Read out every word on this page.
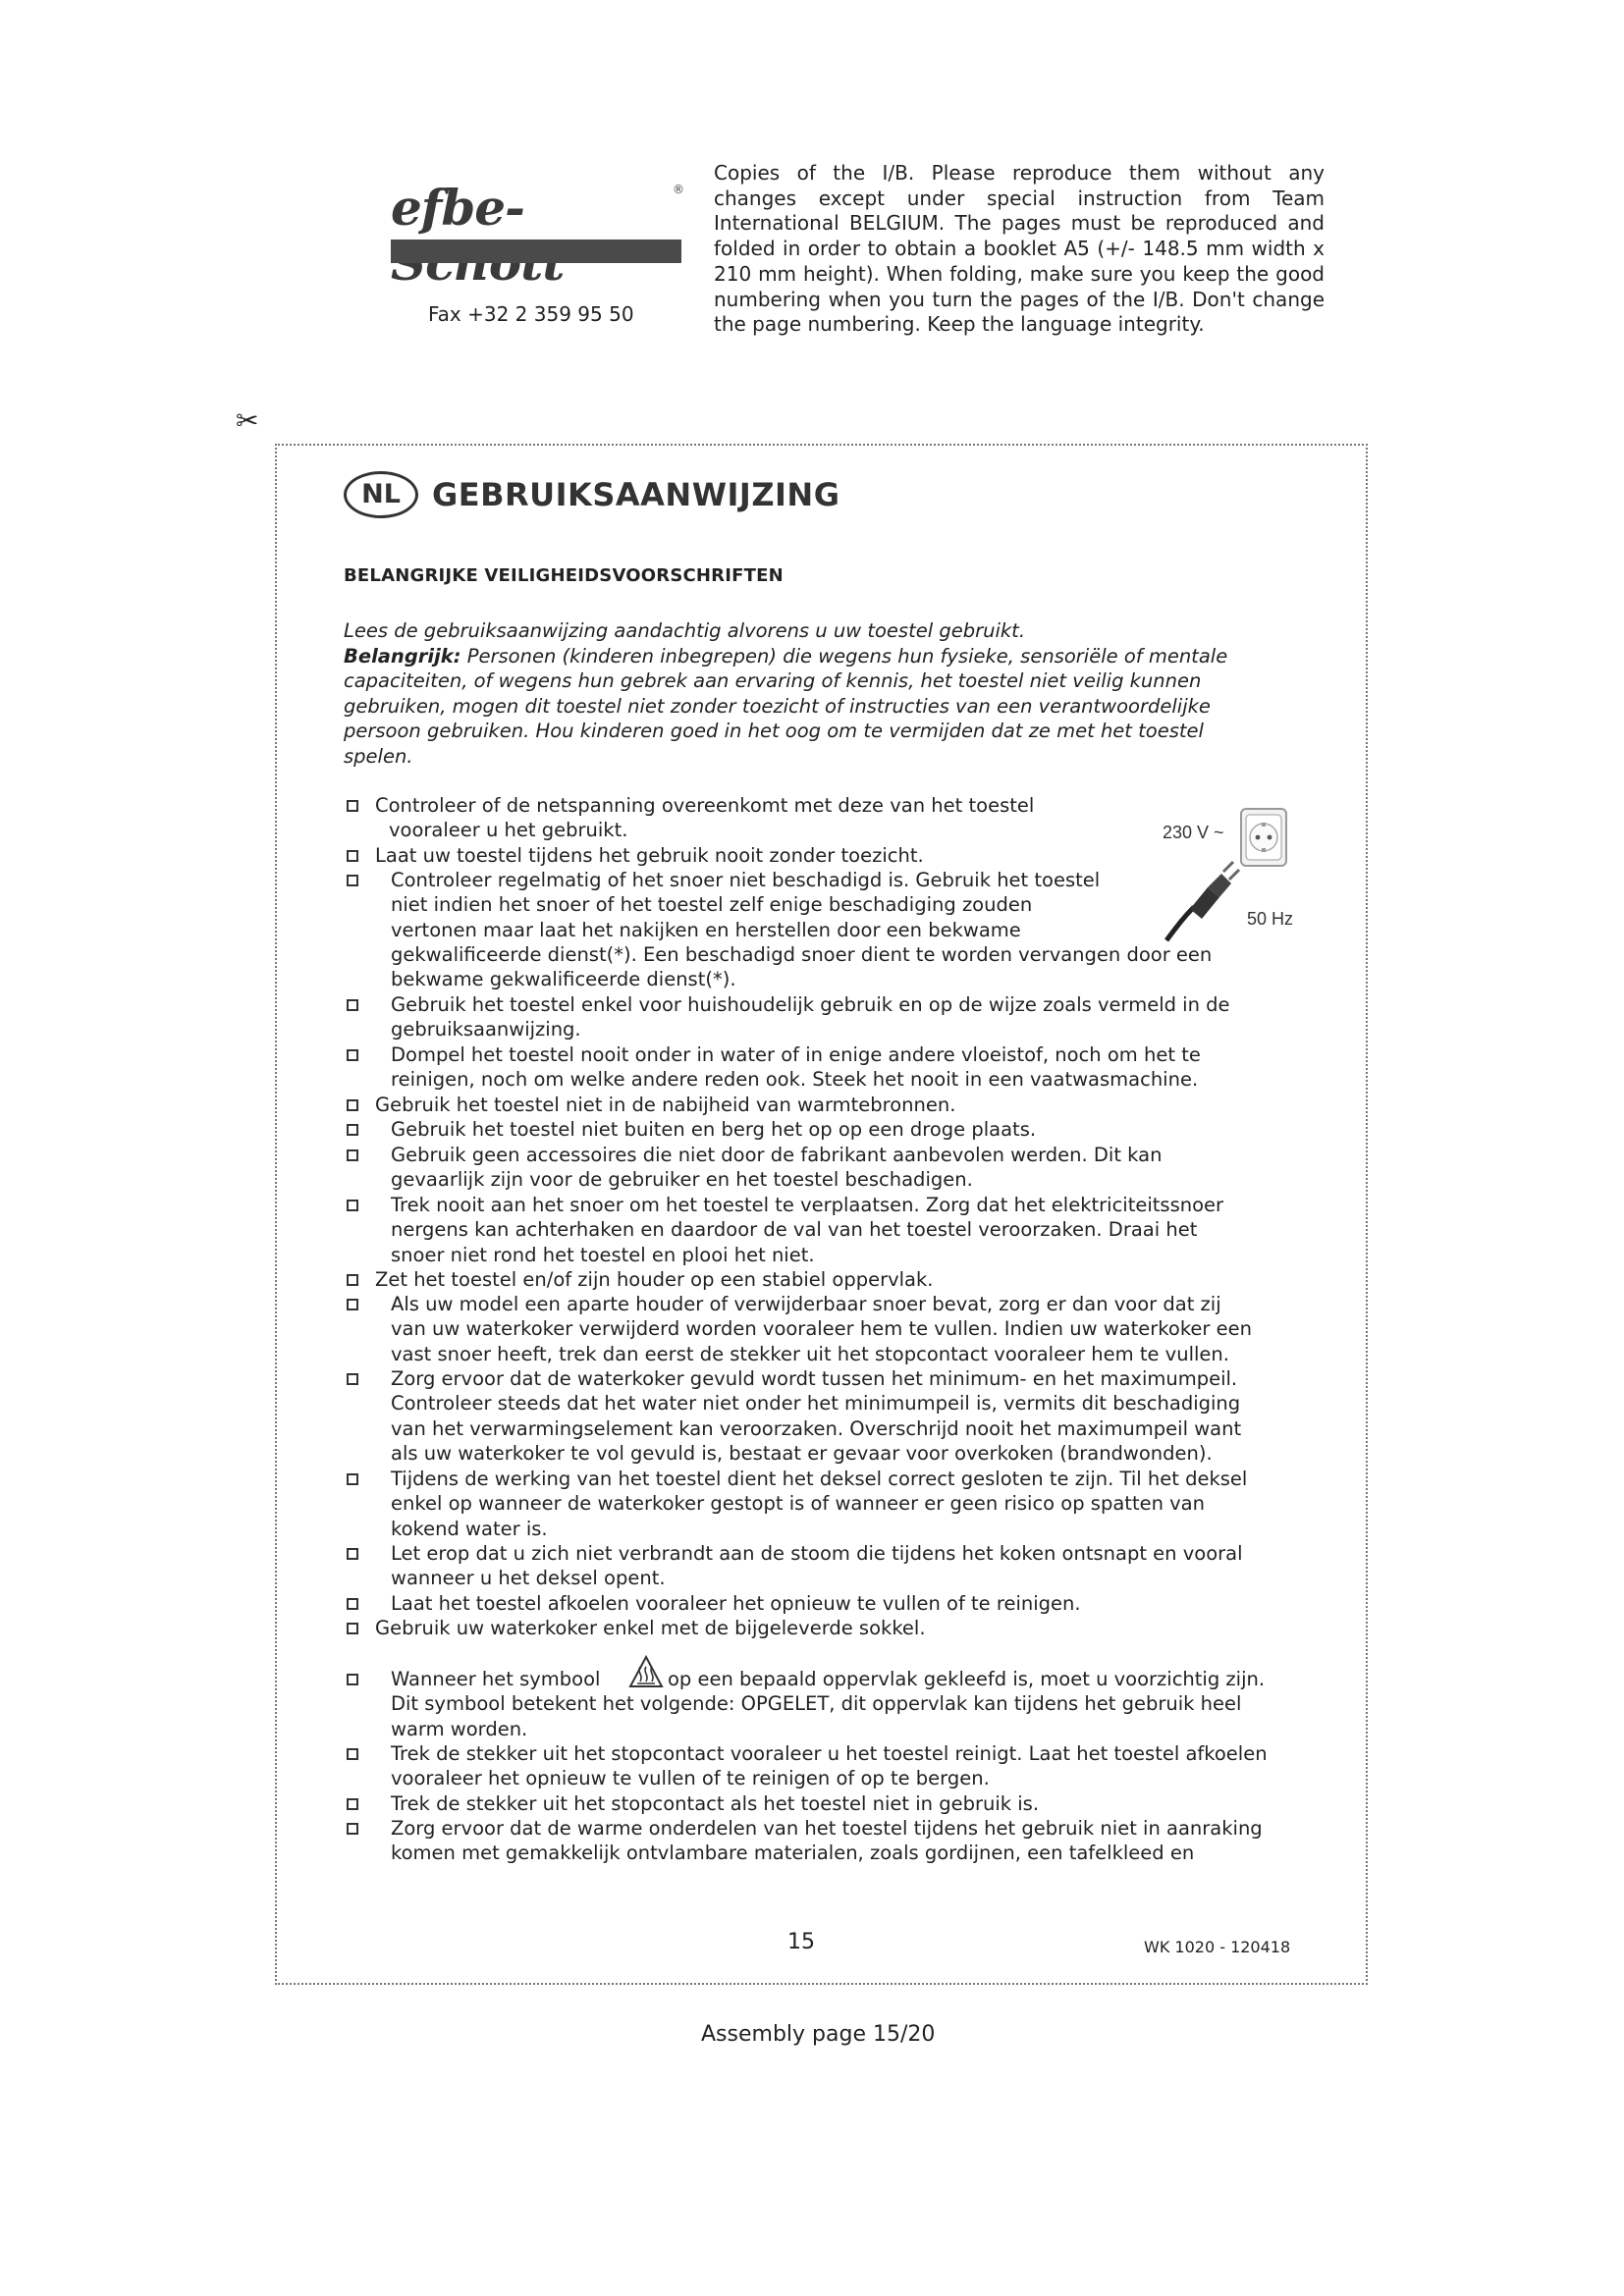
efbe-	®
Fax +32 2 359 95 50
Copies of the I/B. Please reproduce them without any changes except under special instruction from Team International BELGIUM. The pages must be reproduced and folded in order to obtain a booklet A5 (+/- 148.5 mm width x 210 mm height). When folding, make sure you keep the good numbering when you turn the pages of the I/B. Don't change the page numbering. Keep the language integrity.
✂
NL	GEBRUIKSAANWIJZING
BELANGRIJKE VEILIGHEIDSVOORSCHRIFTEN

Lees de gebruiksaanwijzing aandachtig alvorens u uw toestel gebruikt.

Belangrijk: Personen (kinderen inbegrepen) die wegens hun fysieke, sensoriële of mentale capaciteiten, of wegens hun gebrek aan ervaring of kennis, het toestel niet veilig kunnen gebruiken, mogen dit toestel niet zonder toezicht of instructies van een verantwoordelijke persoon gebruiken. Hou kinderen goed in het oog om te vermijden dat ze met het toestel spelen.

Controleer of de netspanning overeenkomt met deze van het toestel
vooraleer u het gebruikt.
Laat uw toestel tijdens het gebruik nooit zonder toezicht.
Controleer regelmatig of het snoer niet beschadigd is. Gebruik het toestel
niet indien het snoer of het toestel zelf enige beschadiging zouden
vertonen maar laat het nakijken en herstellen door een bekwame
gekwalificeerde dienst(*). Een beschadigd snoer dient te worden vervangen door een
bekwame gekwalificeerde dienst(*).
Gebruik het toestel enkel voor huishoudelijk gebruik en op de wijze zoals vermeld in de
gebruiksaanwijzing.
Dompel het toestel nooit onder in water of in enige andere vloeistof, noch om het te
reinigen, noch om welke andere reden ook. Steek het nooit in een vaatwasmachine.
Gebruik het toestel niet in de nabijheid van warmtebronnen.
Gebruik het toestel niet buiten en berg het op op een droge plaats.
Gebruik geen accessoires die niet door de fabrikant aanbevolen werden. Dit kan
gevaarlijk zijn voor de gebruiker en het toestel beschadigen.
Trek nooit aan het snoer om het toestel te verplaatsen. Zorg dat het elektriciteitssnoer
nergens kan achterhaken en daardoor de val van het toestel veroorzaken. Draai het
snoer niet rond het toestel en plooi het niet.
Zet het toestel en/of zijn houder op een stabiel oppervlak.
Als uw model een aparte houder of verwijderbaar snoer bevat, zorg er dan voor dat zij
van uw waterkoker verwijderd worden vooraleer hem te vullen. Indien uw waterkoker een
vast snoer heeft, trek dan eerst de stekker uit het stopcontact vooraleer hem te vullen.
Zorg ervoor dat de waterkoker gevuld wordt tussen het minimum- en het maximumpeil.
Controleer steeds dat het water niet onder het minimumpeil is, vermits dit beschadiging
van het verwarmingselement kan veroorzaken. Overschrijd nooit het maximumpeil want
als uw waterkoker te vol gevuld is, bestaat er gevaar voor overkoken (brandwonden).
Tijdens de werking van het toestel dient het deksel correct gesloten te zijn. Til het deksel
enkel op wanneer de waterkoker gestopt is of wanneer er geen risico op spatten van
kokend water is.
Let erop dat u zich niet verbrandt aan de stoom die tijdens het koken ontsnapt en vooral
wanneer u het deksel opent.
Laat het toestel afkoelen vooraleer het opnieuw te vullen of te reinigen.
Gebruik uw waterkoker enkel met de bijgeleverde sokkel.
Wanneer het symbool	op een bepaald oppervlak gekleefd is, moet u voorzichtig zijn.
Dit symbool betekent het volgende: OPGELET, dit oppervlak kan tijdens het gebruik heel
warm worden.
Trek de stekker uit het stopcontact vooraleer u het toestel reinigt. Laat het toestel afkoelen
vooraleer het opnieuw te vullen of te reinigen of op te bergen.
Trek de stekker uit het stopcontact als het toestel niet in gebruik is.
Zorg ervoor dat de warme onderdelen van het toestel tijdens het gebruik niet in aanraking
komen met gemakkelijk ontvlambare materialen, zoals gordijnen, een tafelkleed en
230 V ~
50 Hz
15	WK 1020 - 120418
Assembly page 15/20
